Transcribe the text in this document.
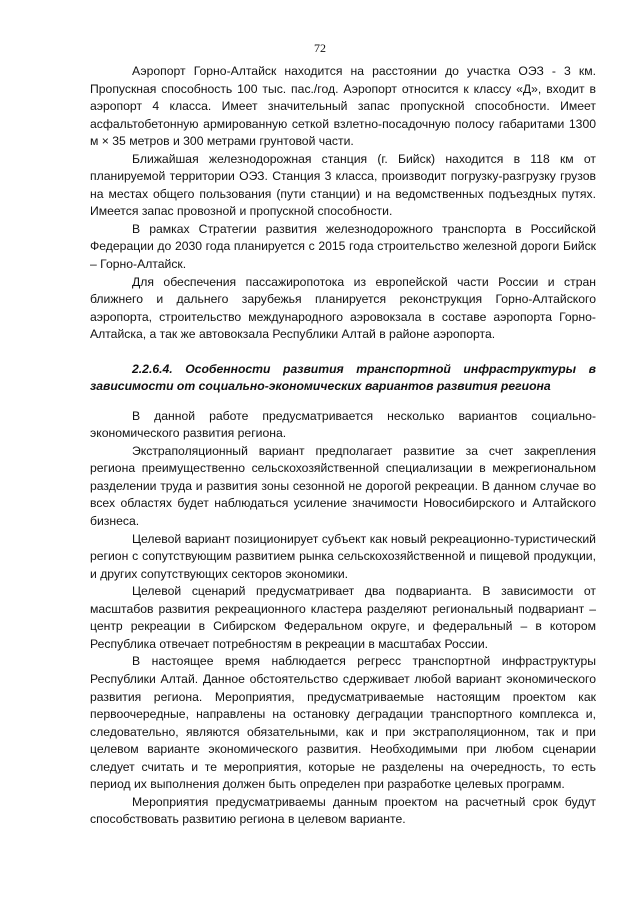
72

Аэропорт Горно-Алтайск находится на расстоянии до участка ОЭЗ - 3 км. Пропускная способность 100 тыс. пас./год. Аэропорт относится к классу «Д», входит в аэропорт 4 класса. Имеет значительный запас пропускной способности. Имеет асфальтобетонную армированную сеткой взлетно-посадочную полосу габаритами 1300 м × 35 метров и 300 метрами грунтовой части.

Ближайшая железнодорожная станция (г. Бийск) находится в 118 км от планируемой территории ОЭЗ. Станция 3 класса, производит погрузку-разгрузку грузов на местах общего пользования (пути станции) и на ведомственных подъездных путях. Имеется запас провозной и пропускной способности.

В рамках Стратегии развития железнодорожного транспорта в Российской Федерации до 2030 года планируется с 2015 года строительство железной дороги Бийск – Горно-Алтайск.

Для обеспечения пассажиропотока из европейской части России и стран ближнего и дальнего зарубежья планируется реконструкция Горно-Алтайского аэропорта, строительство международного аэровокзала в составе аэропорта Горно-Алтайска, а так же автовокзала Республики Алтай в районе аэропорта.

2.2.6.4. Особенности развития транспортной инфраструктуры в зависимости от социально-экономических вариантов развития региона

В данной работе предусматривается несколько вариантов социально-экономического развития региона.

Экстраполяционный вариант предполагает развитие за счет закрепления региона преимущественно сельскохозяйственной специализации в межрегиональном разделении труда и развития зоны сезонной не дорогой рекреации. В данном случае во всех областях будет наблюдаться усиление значимости Новосибирского и Алтайского бизнеса.

Целевой вариант позиционирует субъект как новый рекреационно-туристический регион с сопутствующим развитием рынка сельскохозяйственной и пищевой продукции, и других сопутствующих секторов экономики.

Целевой сценарий предусматривает два подварианта. В зависимости от масштабов развития рекреационного кластера разделяют региональный подвариант – центр рекреации в Сибирском Федеральном округе, и федеральный – в котором Республика отвечает потребностям в рекреации в масштабах России.

В настоящее время наблюдается регресс транспортной инфраструктуры Республики Алтай. Данное обстоятельство сдерживает любой вариант экономического развития региона. Мероприятия, предусматриваемые настоящим проектом как первоочередные, направлены на остановку деградации транспортного комплекса и, следовательно, являются обязательными, как и при экстраполяционном, так и при целевом варианте экономического развития. Необходимыми при любом сценарии следует считать и те мероприятия, которые не разделены на очередность, то есть период их выполнения должен быть определен при разработке целевых программ.

Мероприятия предусматриваемы данным проектом на расчетный срок будут способствовать развитию региона в целевом варианте.
